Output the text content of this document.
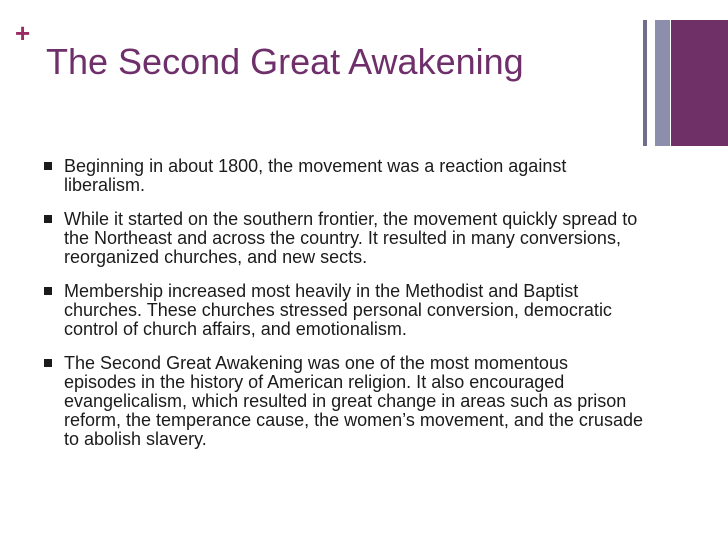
+
The Second Great Awakening
Beginning in about 1800, the movement was a reaction against liberalism.
While it started on the southern frontier, the movement quickly spread to the Northeast and across the country. It resulted in many conversions, reorganized churches, and new sects.
Membership increased most heavily in the Methodist and Baptist churches. These churches stressed personal conversion, democratic control of church affairs, and emotionalism.
The Second Great Awakening was one of the most momentous episodes in the history of American religion. It also encouraged evangelicalism, which resulted in great change in areas such as prison reform, the temperance cause, the women’s movement, and the crusade to abolish slavery.
